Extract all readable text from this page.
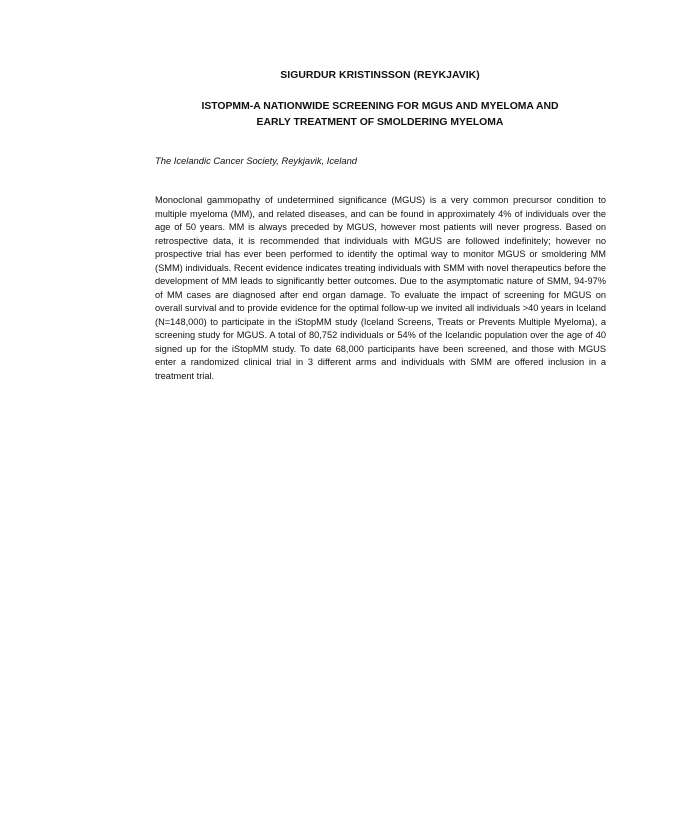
SIGURDUR KRISTINSSON (REYKJAVIK)
ISTOPMM-A NATIONWIDE SCREENING FOR MGUS AND MYELOMA AND
EARLY TREATMENT OF SMOLDERING MYELOMA
The Icelandic Cancer Society, Reykjavik, Iceland
Monoclonal gammopathy of undetermined significance (MGUS) is a very common precursor condition to multiple myeloma (MM), and related diseases, and can be found in approximately 4% of individuals over the age of 50 years. MM is always preceded by MGUS, however most patients will never progress. Based on retrospective data, it is recommended that individuals with MGUS are followed indefinitely; however no prospective trial has ever been performed to identify the optimal way to monitor MGUS or smoldering MM (SMM) individuals. Recent evidence indicates treating individuals with SMM with novel therapeutics before the development of MM leads to significantly better outcomes. Due to the asymptomatic nature of SMM, 94-97% of MM cases are diagnosed after end organ damage. To evaluate the impact of screening for MGUS on overall survival and to provide evidence for the optimal follow-up we invited all individuals >40 years in Iceland (N=148,000) to participate in the iStopMM study (Iceland Screens, Treats or Prevents Multiple Myeloma), a screening study for MGUS. A total of 80,752 individuals or 54% of the Icelandic population over the age of 40 signed up for the iStopMM study. To date 68,000 participants have been screened, and those with MGUS enter a randomized clinical trial in 3 different arms and individuals with SMM are offered inclusion in a treatment trial.
